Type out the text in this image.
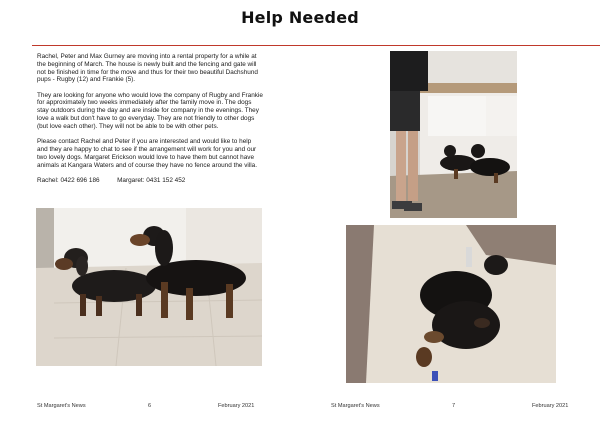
Help Needed

Rachel, Peter and Max Gurney are moving into a rental property for a while at the beginning of March. The house is newly built and the fencing and gate will not be finished in time for the move and thus for their two beautiful Dachshund pups - Rugby (12) and Frankie (5).

They are looking for anyone who would love the company of Rugby and Frankie for approximately two weeks immediately after the family move in. The dogs stay outdoors during the day and are inside for company in the evenings. They love a walk but don't have to go everyday. They are not friendly to other dogs (but love each other). They will not be able to be with other pets.

Please contact Rachel and Peter if you are interested and would like to help and they are happy to chat to see if the arrangement will work for you and our two lovely dogs. Margaret Erickson would love to have them but cannot have animals at Kangara Waters and of course they have no fence around the villa.

Rachel: 0422 696 186	Margaret: 0431 152 452
St Margaret's News	6	February 2021	St Margaret's News	7	February 2021
